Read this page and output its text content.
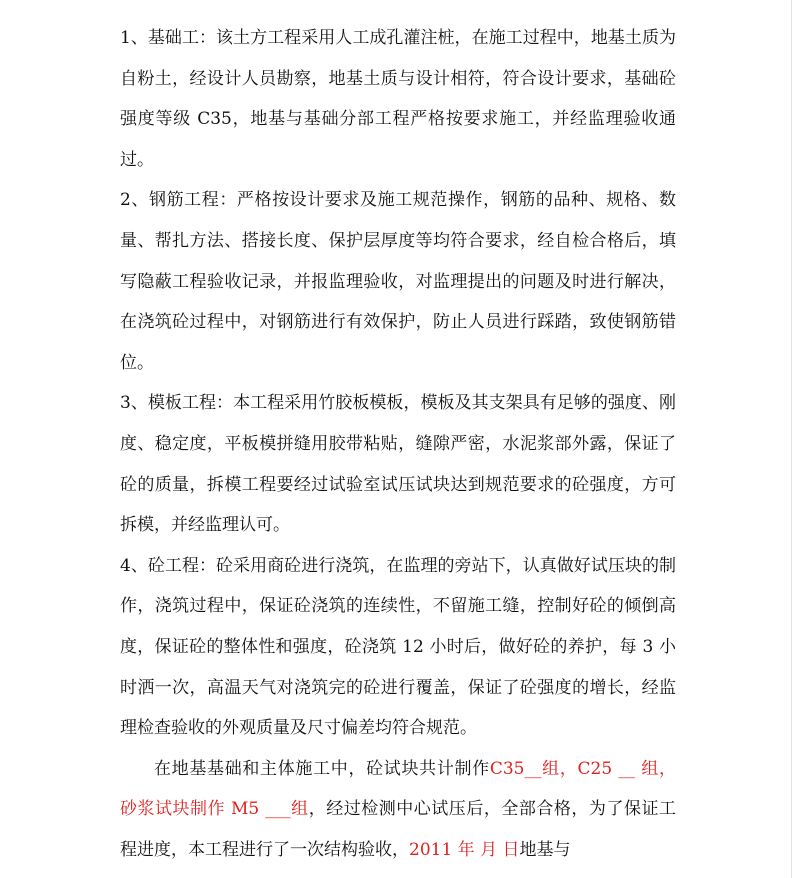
1、基础工：该土方工程采用人工成孔灌注桩，在施工过程中，地基土质为自粉土，经设计人员勘察，地基土质与设计相符，符合设计要求，基础砼强度等级 C35，地基与基础分部工程严格按要求施工，并经监理验收通过。

2、钢筋工程：严格按设计要求及施工规范操作，钢筋的品种、规格、数量、帮扎方法、搭接长度、保护层厚度等均符合要求，经自检合格后，填写隐蔽工程验收记录，并报监理验收，对监理提出的问题及时进行解决，在浇筑砼过程中，对钢筋进行有效保护，防止人员进行踩踏，致使钢筋错位。

3、模板工程：本工程采用竹胶板模板，模板及其支架具有足够的强度、刚度、稳定度，平板模拼缝用胶带粘贴，缝隙严密，水泥浆部外露，保证了砼的质量，拆模工程要经过试验室试压试块达到规范要求的砼强度，方可拆模，并经监理认可。

4、砼工程：砼采用商砼进行浇筑，在监理的旁站下，认真做好试压块的制作，浇筑过程中，保证砼浇筑的连续性，不留施工缝，控制好砼的倾倒高度，保证砼的整体性和强度，砼浇筑 12 小时后，做好砼的养护，每 3 小时洒一次，高温天气对浇筑完的砼进行覆盖，保证了砼强度的增长，经监理检查验收的外观质量及尺寸偏差均符合规范。

在地基基础和主体施工中，砼试块共计制作C35__组，C25 __ 组，砂浆试块制作 M5 ___组，经过检测中心试压后，全部合格，为了保证工程进度，本工程进行了一次结构验收，2011 年 月 日地基与
